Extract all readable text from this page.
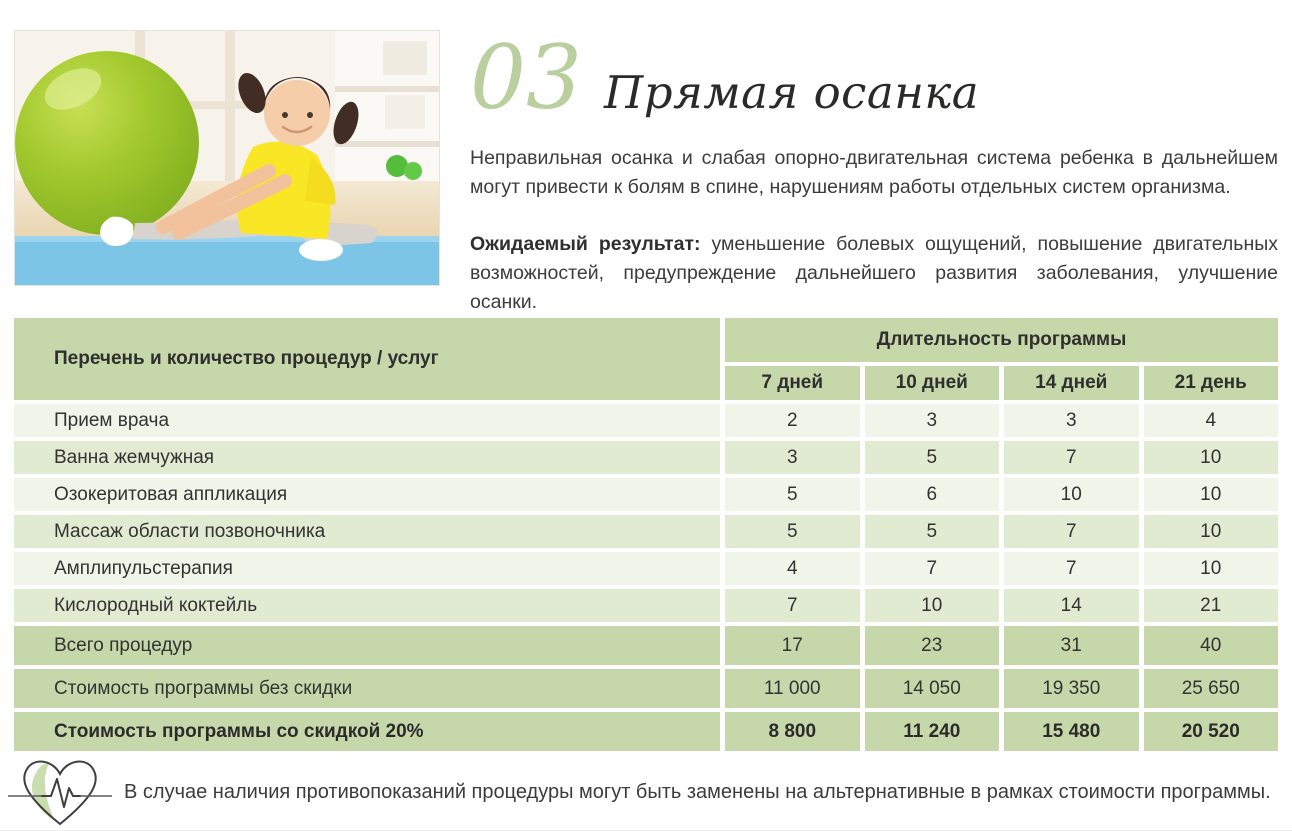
03 Прямая осанка

Неправильная осанка и слабая опорно-двигательная система ребенка в дальнейшем могут привести к болям в спине, нарушениям работы отдельных систем организма.

Ожидаемый результат: уменьшение болевых ощущений, повышение двигательных возможностей, предупреждение дальнейшего развития заболевания, улучшение осанки.

Перечень и количество процедур / услуг
Длительность программы
7 дней	10 дней	14 дней	21 день
Прием врача	2	3	3	4
Ванна жемчужная	3	5	7	10
Озокеритовая аппликация	5	6	10	10
Массаж области позвоночника	5	5	7	10
Амплипульстерапия	4	7	7	10
Кислородный коктейль	7	10	14	21
Всего процедур	17	23	31	40
Стоимость программы без скидки	11 000	14 050	19 350	25 650
Стоимость программы со скидкой 20%	8 800	11 240	15 480	20 520

В случае наличия противопоказаний процедуры могут быть заменены на альтернативные в рамках стоимости программы.
